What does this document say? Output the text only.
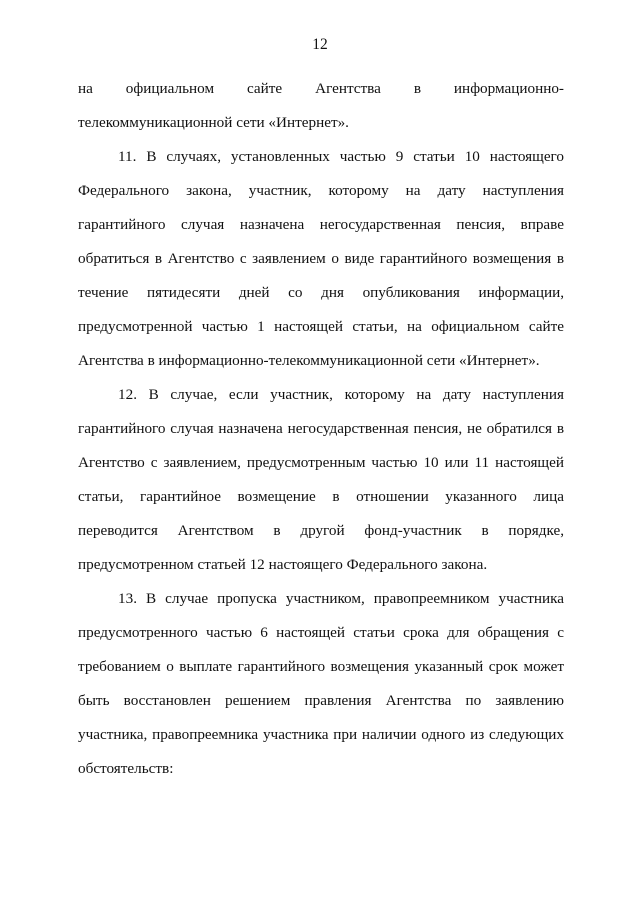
12

на официальном сайте Агентства в информационно-
телекоммуникационной сети «Интернет».

11. В случаях, установленных частью 9 статьи 10 настоящего
Федерального закона, участник, которому на дату наступления
гарантийного случая назначена негосударственная пенсия, вправе
обратиться в Агентство с заявлением о виде гарантийного возмещения в
течение пятидесяти дней со дня опубликования информации,
предусмотренной частью 1 настоящей статьи, на официальном сайте
Агентства в информационно-телекоммуникационной сети «Интернет».

12. В случае, если участник, которому на дату наступления
гарантийного случая назначена негосударственная пенсия, не обратился в
Агентство с заявлением, предусмотренным частью 10 или 11 настоящей
статьи, гарантийное возмещение в отношении указанного лица
переводится Агентством в другой фонд-участник в порядке,
предусмотренном статьей 12 настоящего Федерального закона.

13. В случае пропуска участником, правопреемником участника
предусмотренного частью 6 настоящей статьи срока для обращения с
требованием о выплате гарантийного возмещения указанный срок может
быть восстановлен решением правления Агентства по заявлению
участника, правопреемника участника при наличии одного из следующих
обстоятельств:
